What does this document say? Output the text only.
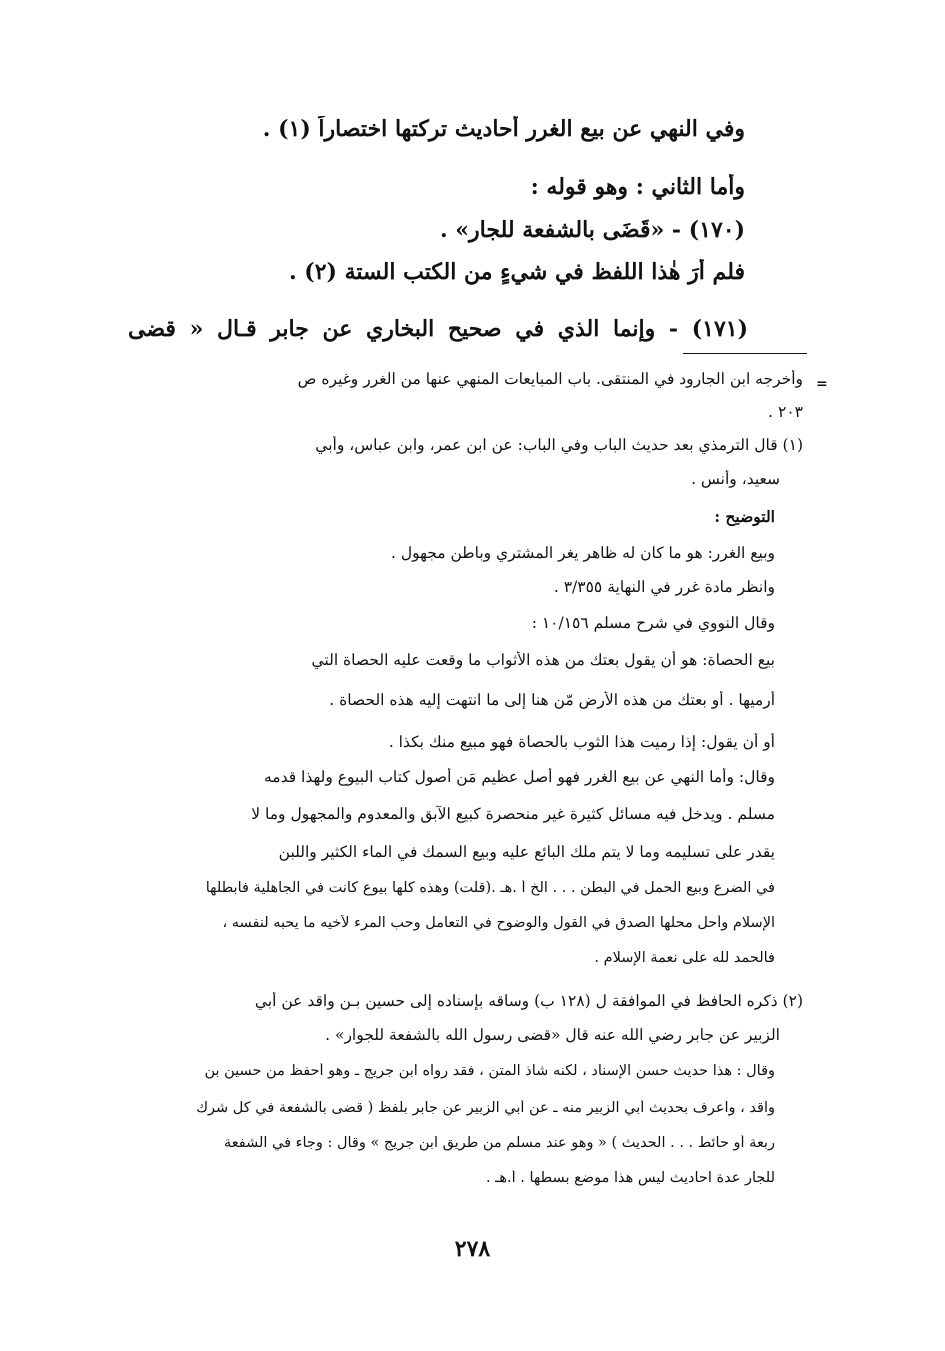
وفي النهي عن بيع الغرر أحاديث تركتها اختصاراً (١) .
وأما الثاني : وهو قوله :
(١٧٠) - «قَضَى بالشفعة للجار» .
فلم أرَ هٰذا اللفظ في شيءٍ من الكتب الستة (٢) .
(١٧١) - وإنما الذي في صحيح البخاري عن جابر قـال « قضى
=
وأخرجه ابن الجارود في المنتقى. باب المبايعات المنهي عنها من الغرر وغيره ص
٢٠٣ .
(١) قال الترمذي بعد حديث الباب وفي الباب: عن ابن عمر، وابن عباس، وأبي
سعيد، وأنس .
التوضيح :
وبيع الغرر: هو ما كان له ظاهر يغر المشتري وباطن مجهول .
وانظر مادة غرر في النهاية ٣/٣٥٥ .
وقال النووي في شرح مسلم ١٠/١٥٦ :
بيع الحصاة: هو أن يقول بعتك من هذه الأثواب ما وقعت عليه الحصاة التي
أرميها . أو بعتك من هذه الأرض مّن هنا إلى ما انتهت إليه هذه الحصاة .
أو أن يقول: إذا رميت هذا الثوب بالحصاة فهو مبيع منك بكذا .
وقال: وأما النهي عن بيع الغرر فهو أصل عظيم مَن أصول كتاب البيوع ولهذا قدمه
مسلم . ويدخل فيه مسائل كثيرة غير منحصرة كبيع الآبق والمعدوم والمجهول وما لا
يقدر على تسليمه وما لا يتم ملك البائع عليه وبيع السمك في الماء الكثير واللبن
في الضرع وبيع الحمل في البطن . . . الخ أ .هـ .(قلت) وهذه كلها بيوع كانت في الجاهلية فابطلها
الإسلام وأحل محلها الصدق في القول والوضوح في التعامل وحب المرء لأخيه ما يحبه لنفسه ،
فالحمد لله على نعمة الإسلام .
(٢) ذكره الحافظ في الموافقة ل (١٢٨ ب) وساقه بإسناده إلى حسين بـن واقد عن أبي
الزبير عن جابر رضي الله عنه قال «قضى رسول الله بالشفعة للجوار» .
وقال : هذا حديث حسن الإسناد ، لكنه شاذ المتن ، فقد رواه ابن جريج ـ وهو أحفظ من حسين بن
واقد ، واعرف بحديث أبي الزبير منه ـ عن أبي الزبير عن جابر بلفظ ( قضى بالشفعة في كل شرك
ربعة أو حائط . . . الحديث ) « وهو عند مسلم من طريق ابن جريج » وقال : وجاء في الشفعة
للجار عدة احاديث ليس هذا موضع بسطها . أ.هـ .
٢٧٨
